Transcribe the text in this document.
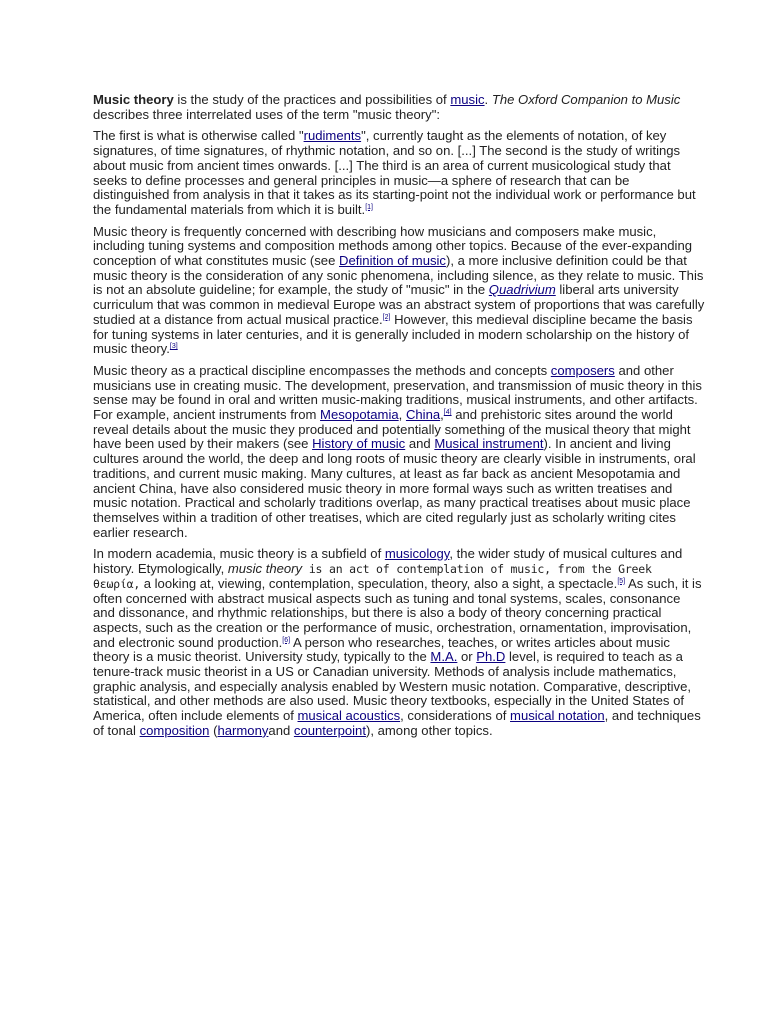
Music theory is the study of the practices and possibilities of music. The Oxford Companion to Music describes three interrelated uses of the term "music theory":

The first is what is otherwise called "rudiments", currently taught as the elements of notation, of key signatures, of time signatures, of rhythmic notation, and so on. [...] The second is the study of writings about music from ancient times onwards. [...] The third is an area of current musicological study that seeks to define processes and general principles in music—a sphere of research that can be distinguished from analysis in that it takes as its starting-point not the individual work or performance but the fundamental materials from which it is built.[1]

Music theory is frequently concerned with describing how musicians and composers make music, including tuning systems and composition methods among other topics. Because of the ever-expanding conception of what constitutes music (see Definition of music), a more inclusive definition could be that music theory is the consideration of any sonic phenomena, including silence, as they relate to music. This is not an absolute guideline; for example, the study of "music" in the Quadrivium liberal arts university curriculum that was common in medieval Europe was an abstract system of proportions that was carefully studied at a distance from actual musical practice.[2] However, this medieval discipline became the basis for tuning systems in later centuries, and it is generally included in modern scholarship on the history of music theory.[3]

Music theory as a practical discipline encompasses the methods and concepts composers and other musicians use in creating music. The development, preservation, and transmission of music theory in this sense may be found in oral and written music-making traditions, musical instruments, and other artifacts. For example, ancient instruments from Mesopotamia, China,[4] and prehistoric sites around the world reveal details about the music they produced and potentially something of the musical theory that might have been used by their makers (see History of music and Musical instrument). In ancient and living cultures around the world, the deep and long roots of music theory are clearly visible in instruments, oral traditions, and current music making. Many cultures, at least as far back as ancient Mesopotamia and ancient China, have also considered music theory in more formal ways such as written treatises and music notation. Practical and scholarly traditions overlap, as many practical treatises about music place themselves within a tradition of other treatises, which are cited regularly just as scholarly writing cites earlier research.

In modern academia, music theory is a subfield of musicology, the wider study of musical cultures and history. Etymologically, music theory is an act of contemplation of music, from the Greek θεωρία, a looking at, viewing, contemplation, speculation, theory, also a sight, a spectacle.[5] As such, it is often concerned with abstract musical aspects such as tuning and tonal systems, scales, consonance and dissonance, and rhythmic relationships, but there is also a body of theory concerning practical aspects, such as the creation or the performance of music, orchestration, ornamentation, improvisation, and electronic sound production.[6] A person who researches, teaches, or writes articles about music theory is a music theorist. University study, typically to the M.A. or Ph.D level, is required to teach as a tenure-track music theorist in a US or Canadian university. Methods of analysis include mathematics, graphic analysis, and especially analysis enabled by Western music notation. Comparative, descriptive, statistical, and other methods are also used. Music theory textbooks, especially in the United States of America, often include elements of musical acoustics, considerations of musical notation, and techniques of tonal composition (harmonyand counterpoint), among other topics.
